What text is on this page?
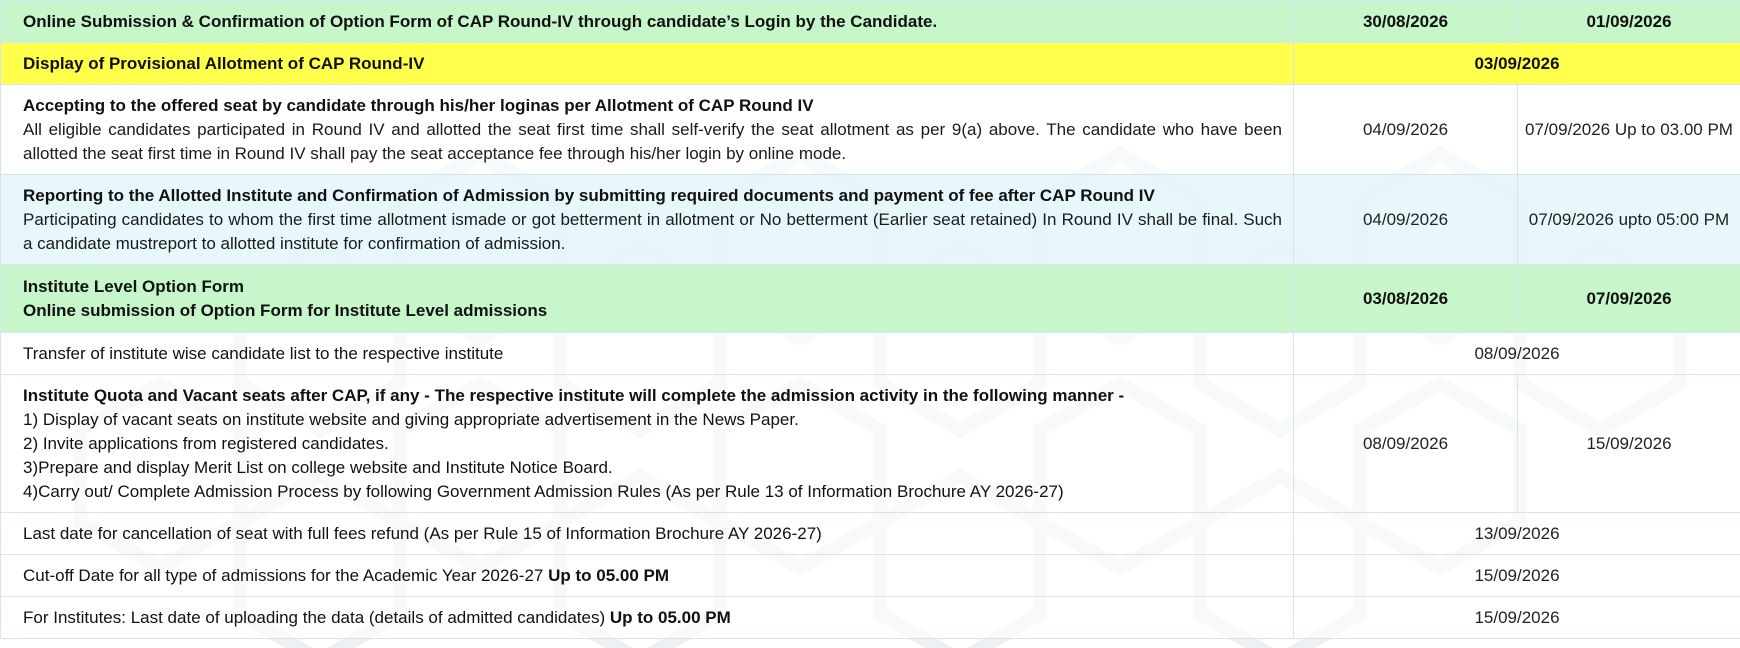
Online Submission & Confirmation of Option Form of CAP Round-IV through candidate’s Login by the Candidate.	30/08/2026	01/09/2026
Display of Provisional Allotment of CAP Round-IV	03/09/2026	

Accepting to the offered seat by candidate through his/her loginas per Allotment of CAP Round IV
All eligible candidates participated in Round IV and allotted the seat first time shall self-verify the seat allotment as per 9(a) above. The candidate who have been allotted the seat first time in Round IV shall pay the seat acceptance fee through his/her login by online mode.	04/09/2026	07/09/2026 Up to 03.00 PM

Reporting to the Allotted Institute and Confirmation of Admission by submitting required documents and payment of fee after CAP Round IV
Participating candidates to whom the first time allotment ismade or got betterment in allotment or No betterment (Earlier seat retained) In Round IV shall be final. Such a candidate mustreport to allotted institute for confirmation of admission.	04/09/2026	07/09/2026 upto 05:00 PM

Institute Level Option Form
Online submission of Option Form for Institute Level admissions	03/08/2026	07/09/2026
Transfer of institute wise candidate list to the respective institute	08/09/2026	

Institute Quota and Vacant seats after CAP, if any - The respective institute will complete the admission activity in the following manner -
1) Display of vacant seats on institute website and giving appropriate advertisement in the News Paper.
2) Invite applications from registered candidates.
3)Prepare and display Merit List on college website and Institute Notice Board.
4)Carry out/ Complete Admission Process by following Government Admission Rules (As per Rule 13 of Information Brochure AY 2026-27)	08/09/2026	15/09/2026
Last date for cancellation of seat with full fees refund (As per Rule 15 of Information Brochure AY 2026-27)	13/09/2026	
Cut-off Date for all type of admissions for the Academic Year 2026-27 Up to 05.00 PM	15/09/2026	
For Institutes: Last date of uploading the data (details of admitted candidates) Up to 05.00 PM	15/09/2026	
